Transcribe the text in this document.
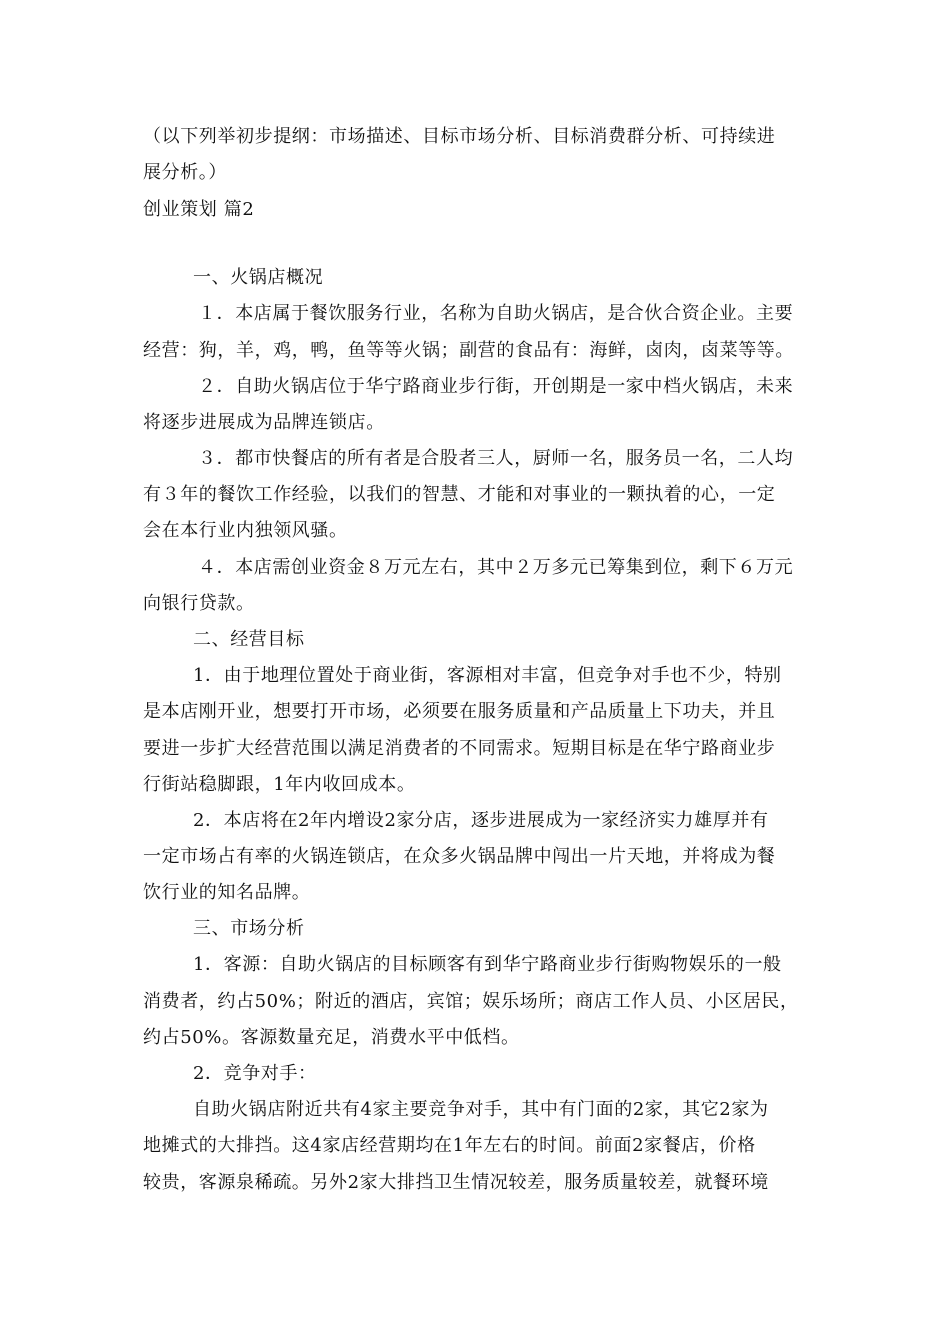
（以下列举初步提纲：市场描述、目标市场分析、目标消费群分析、可持续进
展分析。）
创业策划 篇2
一、火锅店概况
１．本店属于餐饮服务行业，名称为自助火锅店，是合伙合资企业。主要
经营：狗，羊，鸡，鸭，鱼等等火锅；副营的食品有：海鲜，卤肉，卤菜等等。
２．自助火锅店位于华宁路商业步行街，开创期是一家中档火锅店，未来
将逐步进展成为品牌连锁店。
３．都市快餐店的所有者是合股者三人，厨师一名，服务员一名，二人均
有３年的餐饮工作经验，以我们的智慧、才能和对事业的一颗执着的心，一定
会在本行业内独领风骚。
４．本店需创业资金８万元左右，其中２万多元已筹集到位，剩下６万元
向银行贷款。
二、经营目标
1．由于地理位置处于商业街，客源相对丰富，但竞争对手也不少，特别
是本店刚开业，想要打开市场，必须要在服务质量和产品质量上下功夫，并且
要进一步扩大经营范围以满足消费者的不同需求。短期目标是在华宁路商业步
行街站稳脚跟，1年内收回成本。
2．本店将在2年内增设2家分店，逐步进展成为一家经济实力雄厚并有
一定市场占有率的火锅连锁店，在众多火锅品牌中闯出一片天地，并将成为餐
饮行业的知名品牌。
三、市场分析
1．客源：自助火锅店的目标顾客有到华宁路商业步行街购物娱乐的一般
消费者，约占50%；附近的酒店，宾馆；娱乐场所；商店工作人员、小区居民，
约占50%。客源数量充足，消费水平中低档。
2．竞争对手：
自助火锅店附近共有4家主要竞争对手，其中有门面的2家，其它2家为
地摊式的大排挡。这4家店经营期均在1年左右的时间。前面2家餐店，价格
较贵，客源泉稀疏。另外2家大排挡卫生情况较差，服务质量较差，就餐环境
